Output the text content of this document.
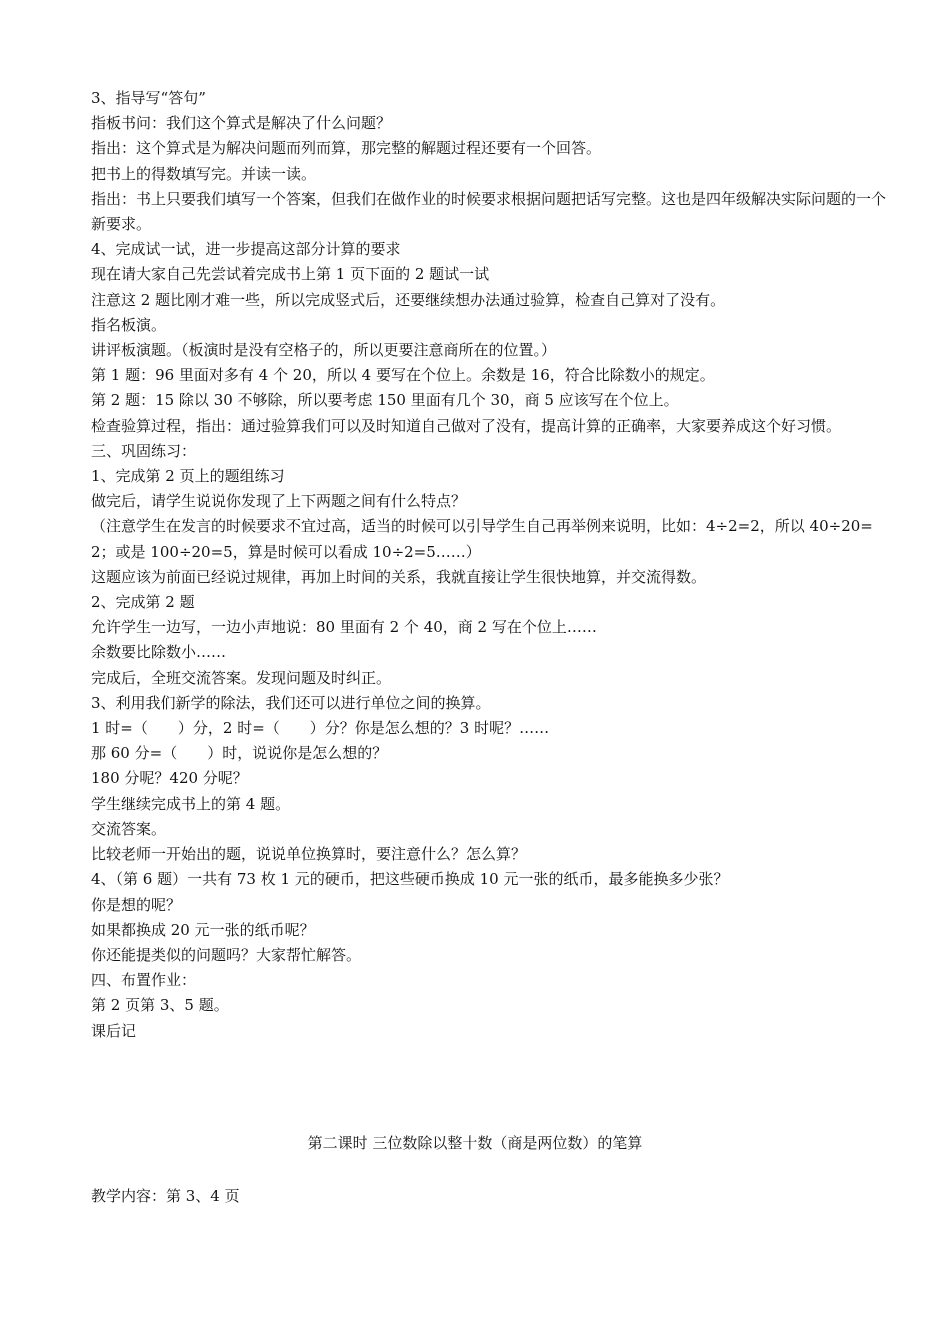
3、指导写“答句”

指板书问：我们这个算式是解决了什么问题？

指出：这个算式是为解决问题而列而算，那完整的解题过程还要有一个回答。

把书上的得数填写完。并读一读。

指出：书上只要我们填写一个答案，但我们在做作业的时候要求根据问题把话写完整。这也是四年级解决实际问题的一个新要求。

4、完成试一试，进一步提高这部分计算的要求

现在请大家自己先尝试着完成书上第 1 页下面的 2 题试一试

注意这 2 题比刚才难一些，所以完成竖式后，还要继续想办法通过验算，检查自己算对了没有。

指名板演。

讲评板演题。（板演时是没有空格子的，所以更要注意商所在的位置。）

第 1 题：96 里面对多有 4 个 20，所以 4 要写在个位上。余数是 16，符合比除数小的规定。

第 2 题：15 除以 30 不够除，所以要考虑 150 里面有几个 30，商 5 应该写在个位上。

检查验算过程，指出：通过验算我们可以及时知道自己做对了没有，提高计算的正确率，大家要养成这个好习惯。

三、巩固练习：

1、完成第 2 页上的题组练习

做完后，请学生说说你发现了上下两题之间有什么特点？

（注意学生在发言的时候要求不宜过高，适当的时候可以引导学生自己再举例来说明，比如：4÷2=2，所以 40÷20=2；或是 100÷20=5，算是时候可以看成 10÷2=5……）

这题应该为前面已经说过规律，再加上时间的关系，我就直接让学生很快地算，并交流得数。

2、完成第 2 题

允许学生一边写，一边小声地说：80 里面有 2 个 40，商 2 写在个位上……

余数要比除数小……

完成后，全班交流答案。发现问题及时纠正。

3、利用我们新学的除法，我们还可以进行单位之间的换算。

1 时=（　　）分，2 时=（　　）分？你是怎么想的？3 时呢？……

那 60 分=（　　）时，说说你是怎么想的？

180 分呢？420 分呢？

学生继续完成书上的第 4 题。

交流答案。

比较老师一开始出的题，说说单位换算时，要注意什么？怎么算？

4、（第 6 题）一共有 73 枚 1 元的硬币，把这些硬币换成 10 元一张的纸币，最多能换多少张？

你是想的呢？

如果都换成 20 元一张的纸币呢？

你还能提类似的问题吗？大家帮忙解答。

四、布置作业：

第 2 页第 3、5 题。

课后记

第二课时 三位数除以整十数（商是两位数）的笔算
教学内容：第 3、4 页
